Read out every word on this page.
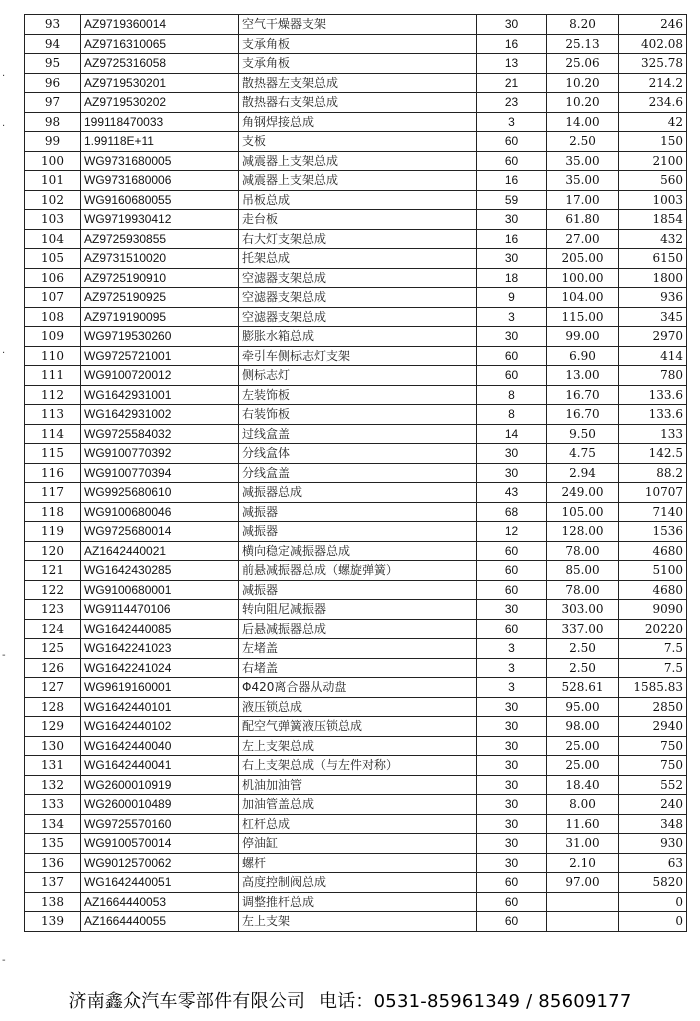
.
.
.
-
-
93	AZ9719360014	空气干燥器支架	30	8.20	246
94	AZ9716310065	支承角板	16	25.13	402.08
95	AZ9725316058	支承角板	13	25.06	325.78
96	AZ9719530201	散热器左支架总成	21	10.20	214.2
97	AZ9719530202	散热器右支架总成	23	10.20	234.6
98	199118470033	角钢焊接总成	3	14.00	42
99	1.99118E+11	支板	60	2.50	150
100	WG9731680005	减震器上支架总成	60	35.00	2100
101	WG9731680006	减震器上支架总成	16	35.00	560
102	WG9160680055	吊板总成	59	17.00	1003
103	WG9719930412	走台板	30	61.80	1854
104	AZ9725930855	右大灯支架总成	16	27.00	432
105	AZ9731510020	托架总成	30	205.00	6150
106	AZ9725190910	空滤器支架总成	18	100.00	1800
107	AZ9725190925	空滤器支架总成	9	104.00	936
108	AZ9719190095	空滤器支架总成	3	115.00	345
109	WG9719530260	膨胀水箱总成	30	99.00	2970
110	WG9725721001	牵引车侧标志灯支架	60	6.90	414
111	WG9100720012	侧标志灯	60	13.00	780
112	WG1642931001	左装饰板	8	16.70	133.6
113	WG1642931002	右装饰板	8	16.70	133.6
114	WG9725584032	过线盒盖	14	9.50	133
115	WG9100770392	分线盒体	30	4.75	142.5
116	WG9100770394	分线盒盖	30	2.94	88.2
117	WG9925680610	减振器总成	43	249.00	10707
118	WG9100680046	减振器	68	105.00	7140
119	WG9725680014	减振器	12	128.00	1536
120	AZ1642440021	横向稳定减振器总成	60	78.00	4680
121	WG1642430285	前悬减振器总成（螺旋弹簧）	60	85.00	5100
122	WG9100680001	减振器	60	78.00	4680
123	WG9114470106	转向阻尼减振器	30	303.00	9090
124	WG1642440085	后悬减振器总成	60	337.00	20220
125	WG1642241023	左堵盖	3	2.50	7.5
126	WG1642241024	右堵盖	3	2.50	7.5
127	WG9619160001	Φ420离合器从动盘	3	528.61	1585.83
128	WG1642440101	液压锁总成	30	95.00	2850
129	WG1642440102	配空气弹簧液压锁总成	30	98.00	2940
130	WG1642440040	左上支架总成	30	25.00	750
131	WG1642440041	右上支架总成（与左件对称）	30	25.00	750
132	WG2600010919	机油加油管	30	18.40	552
133	WG2600010489	加油管盖总成	30	8.00	240
134	WG9725570160	杠杆总成	30	11.60	348
135	WG9100570014	停油缸	30	31.00	930
136	WG9012570062	螺杆	30	2.10	63
137	WG1642440051	高度控制阀总成	60	97.00	5820
138	AZ1664440053	调整推杆总成	60		0
139	AZ1664440055	左上支架	60		0
济南鑫众汽车零部件有限公司 电话：0531-85961349 / 85609177
